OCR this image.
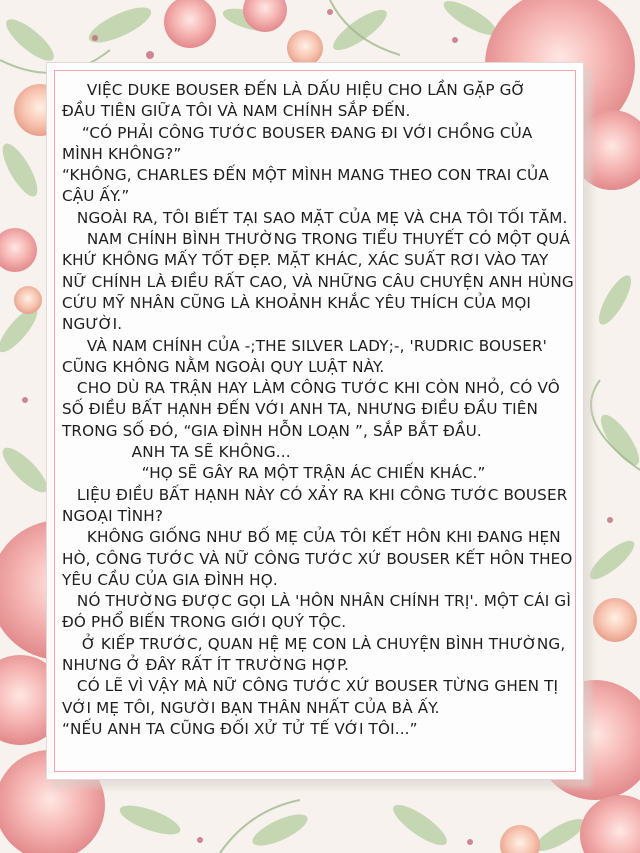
VIỆC DUKE BOUSER ĐẾN LÀ DẤU HIỆU CHO LẦN GẶP GỠ
ĐẦU TIÊN GIỮA TÔI VÀ NAM CHÍNH SẮP ĐẾN.
“CÓ PHẢI CÔNG TƯỚC BOUSER ĐANG ĐI VỚI CHỒNG CỦA
MÌNH KHÔNG?”
“KHÔNG, CHARLES ĐẾN MỘT MÌNH MANG THEO CON TRAI CỦA
CẬU ẤY.”
NGOÀI RA, TÔI BIẾT TẠI SAO MẶT CỦA MẸ VÀ CHA TÔI TỐI TĂM.
NAM CHÍNH BÌNH THƯỜNG TRONG TIỂU THUYẾT CÓ MỘT QUÁ
KHỨ KHÔNG MẤY TỐT ĐẸP. MẶT KHÁC, XÁC SUẤT RƠI VÀO TAY
NỮ CHÍNH LÀ ĐIỀU RẤT CAO, VÀ NHỮNG CÂU CHUYỆN ANH HÙNG
CỨU MỸ NHÂN CŨNG LÀ KHOẢNH KHẮC YÊU THÍCH CỦA MỌI
NGƯỜI.
VÀ NAM CHÍNH CỦA -;THE SILVER LADY;-, 'RUDRIC BOUSER'
CŨNG KHÔNG NẰM NGOÀI QUY LUẬT NÀY.
CHO DÙ RA TRẬN HAY LÀM CÔNG TƯỚC KHI CÒN NHỎ, CÓ VÔ
SỐ ĐIỀU BẤT HẠNH ĐẾN VỚI ANH TA, NHƯNG ĐIỀU ĐẦU TIÊN
TRONG SỐ ĐÓ, “GIA ĐÌNH HỖN LOẠN ”, SẮP BẮT ĐẦU.
ANH TA SẼ KHÔNG...
“HỌ SẼ GÂY RA MỘT TRẬN ÁC CHIẾN KHÁC.”
LIỆU ĐIỀU BẤT HẠNH NÀY CÓ XẢY RA KHI CÔNG TƯỚC BOUSER
NGOẠI TÌNH?
KHÔNG GIỐNG NHƯ BỐ MẸ CỦA TÔI KẾT HÔN KHI ĐANG HẸN
HÒ, CÔNG TƯỚC VÀ NỮ CÔNG TƯỚC XỨ BOUSER KẾT HÔN THEO
YÊU CẦU CỦA GIA ĐÌNH HỌ.
NÓ THƯỜNG ĐƯỢC GỌI LÀ 'HÔN NHÂN CHÍNH TRỊ'. MỘT CÁI GÌ
ĐÓ PHỔ BIẾN TRONG GIỚI QUÝ TỘC.
Ở KIẾP TRƯỚC, QUAN HỆ MẸ CON LÀ CHUYỆN BÌNH THƯỜNG,
NHƯNG Ở ĐÂY RẤT ÍT TRƯỜNG HỢP.
CÓ LẼ VÌ VẬY MÀ NỮ CÔNG TƯỚC XỨ BOUSER TỪNG GHEN TỊ
VỚI MẸ TÔI, NGƯỜI BẠN THÂN NHẤT CỦA BÀ ẤY.
“NẾU ANH TA CŨNG ĐỐI XỬ TỬ TẾ VỚI TÔI...”
